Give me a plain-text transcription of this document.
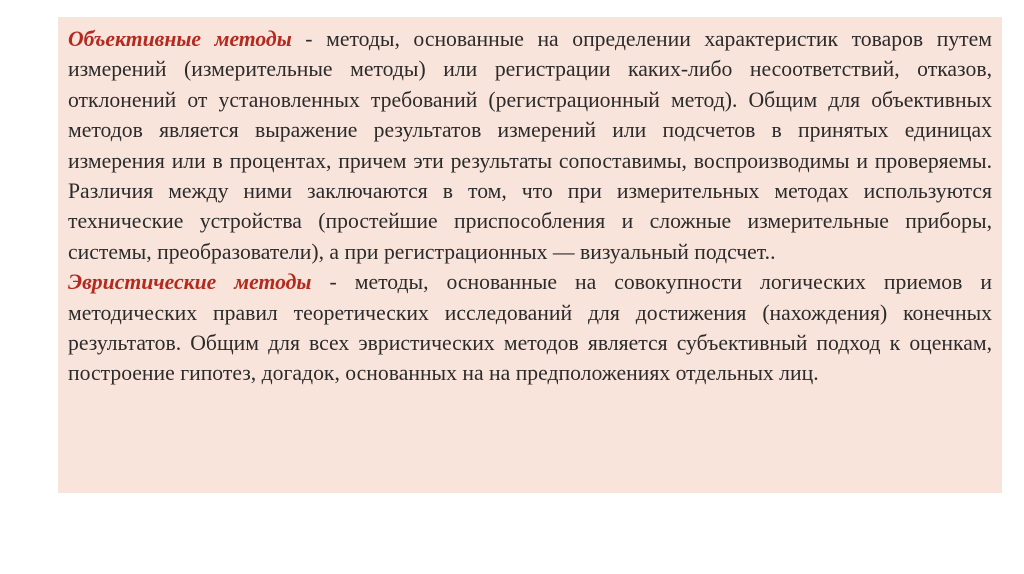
Объективные методы - методы, основанные на определении характеристик товаров путем измерений (измерительные методы) или регистрации каких-либо несоответствий, отказов, отклонений от установленных требований (регистрационный метод). Общим для объективных методов является выражение результатов измерений или подсчетов в принятых единицах измерения или в процентах, причем эти результаты сопоставимы, воспроизводимы и проверяемы. Различия между ними заключаются в том, что при измерительных методах используются технические устройства (простейшие приспособления и сложные измерительные приборы, системы, преобразователи), а при регистрационных — визуальный подсчет..

Эвристические методы - методы, основанные на совокупности логических приемов и методических правил теоретических исследований для достижения (нахождения) конечных результатов. Общим для всех эвристических методов является субъективный подход к оценкам, построение гипотез, догадок, основанных на на предположениях отдельных лиц.
